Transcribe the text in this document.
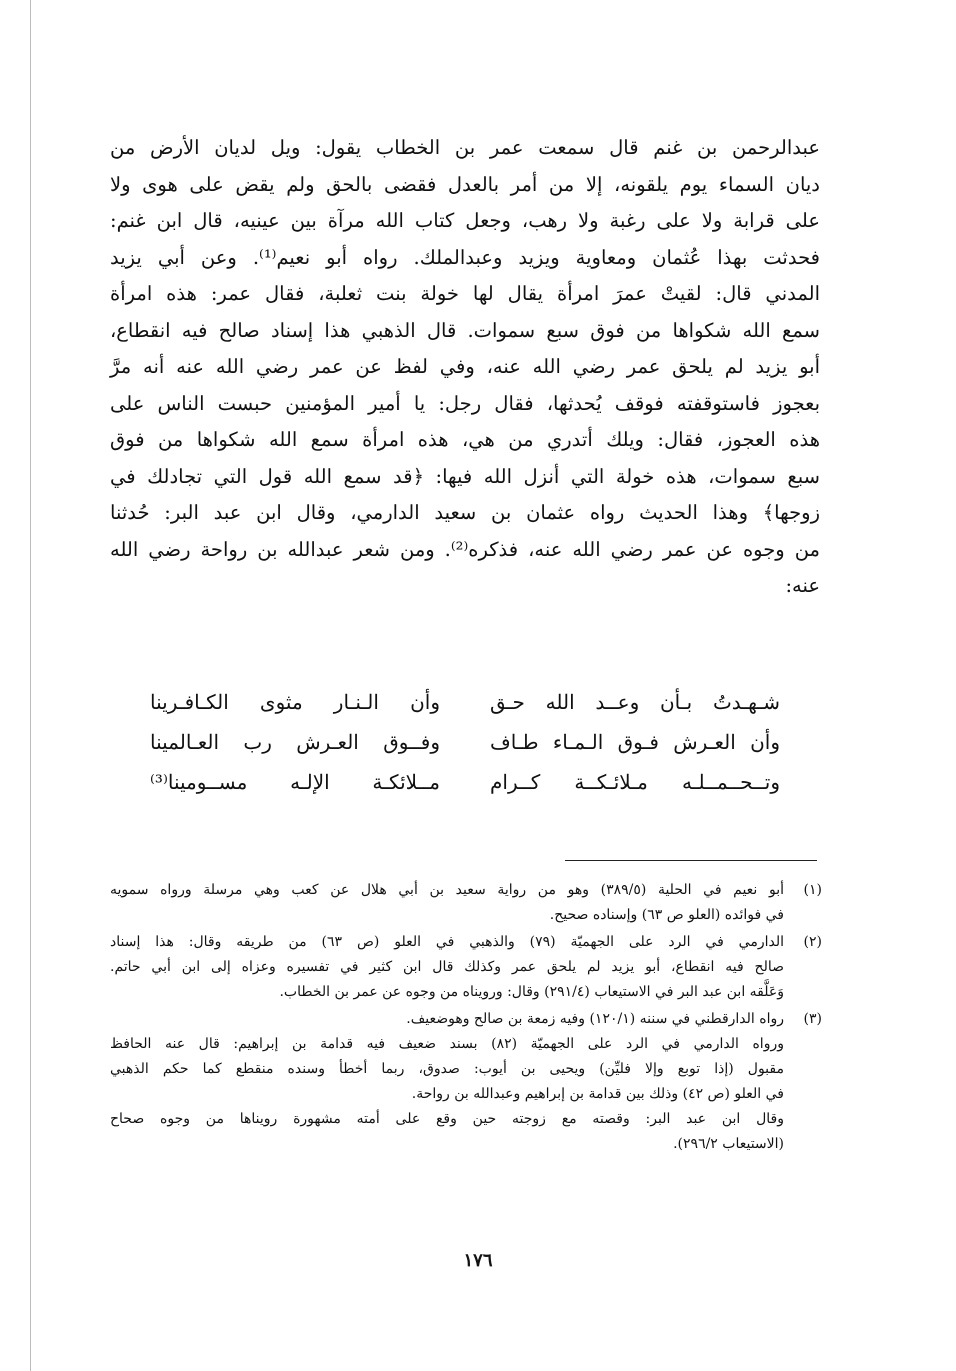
عبدالرحمن بن غنم قال سمعت عمر بن الخطاب يقول: ويل لديان الأرض من
ديان السماء يوم يلقونه، إلا من أمر بالعدل فقضى بالحق ولم يقض على هوى ولا
على قرابة ولا على رغبة ولا رهب، وجعل كتاب الله مرآة بين عينيه، قال ابن غنم:
فحدثت بهذا عُثمان ومعاوية ويزيد وعبدالملك. رواه أبو نعيم⁽¹⁾. وعن أبي يزيد
المدني قال: لقيتْ عمرَ امرأة يقال لها خولة بنت ثعلبة، فقال عمر: هذه امرأة
سمع الله شكواها من فوق سبع سموات. قال الذهبي هذا إسناد صالح فيه انقطاع،
أبو يزيد لم يلحق عمر رضي الله عنه، وفي لفظ عن عمر رضي الله عنه أنه مرَّ
بعجوز فاستوقفته فوقف يُحدثها، فقال رجل: يا أمير المؤمنين حبست الناس على
هذه العجوز، فقال: ويلك أتدري من هي، هذه امرأة سمع الله شكواها من فوق
سبع سموات، هذه خولة التي أنزل الله فيها: ﴿قد سمع الله قول التي تجادلك في
زوجها﴾ وهذا الحديث رواه عثمان بن سعيد الدارمي، وقال ابن عبد البر: حُدثنا
من وجوه عن عمر رضي الله عنه، فذكره⁽²⁾. ومن شعر عبدالله بن رواحة رضي الله
عنه:
شـهـدتُ بـأن وعــد الله حـق
وأن الـنـار مثوى الكـافـرينا
وأن العـرش فـوق الـمـاء طـاف
وفــوق العـرش رب العـالمينا
وتــحــمــلـه مـلائـكــة كــرام
مــلائكـة الإلـه مســومينا⁽³⁾
(١)
أبو نعيم في الحلية (٣٨٩/٥) وهو من رواية سعيد بن أبي هلال عن كعب وهي مرسلة ورواه سمويه
في فوائده (العلو ص ٦٣) وإسناده صحيح.
(٢)
الدارمي في الرد على الجهميّة (٧٩) والذهبي في العلو (ص ٦٣) من طريقه وقال: هذا إسناد
صالح فيه انقطاع، أبو يزيد لم يلحق عمر وكذلك قال ابن كثير في تفسيره وعزاه إلى ابن أبي حاتم.
وَعَلَّقه ابن عبد البر في الاستيعاب (٢٩١/٤) وقال: ورويناه من وجوه عن عمر بن الخطاب.
(٣)
رواه الدارقطني في سننه (١٢٠/١) وفيه زمعة بن صالح وهوضعيف.
ورواه الدارمي في الرد على الجهميّة (٨٢) بسند ضعيف فيه قدامة بن إبراهيم: قال عنه الحافظ
مقبول (إذا توبع وإلا فليِّن) ويحيى بن أيوب: صدوق، ربما أخطأ وسنده منقطع كما حكم الذهبي
في العلو (ص ٤٢) وذلك بين قدامة بن إبراهيم وعبدالله بن رواحة.
وقال ابن عبد البر: وقصته مع زوجته حين وقع على أمته مشهورة رويناها من وجوه صحاح
(الاستيعاب ٢٩٦/٢).
١٧٦
